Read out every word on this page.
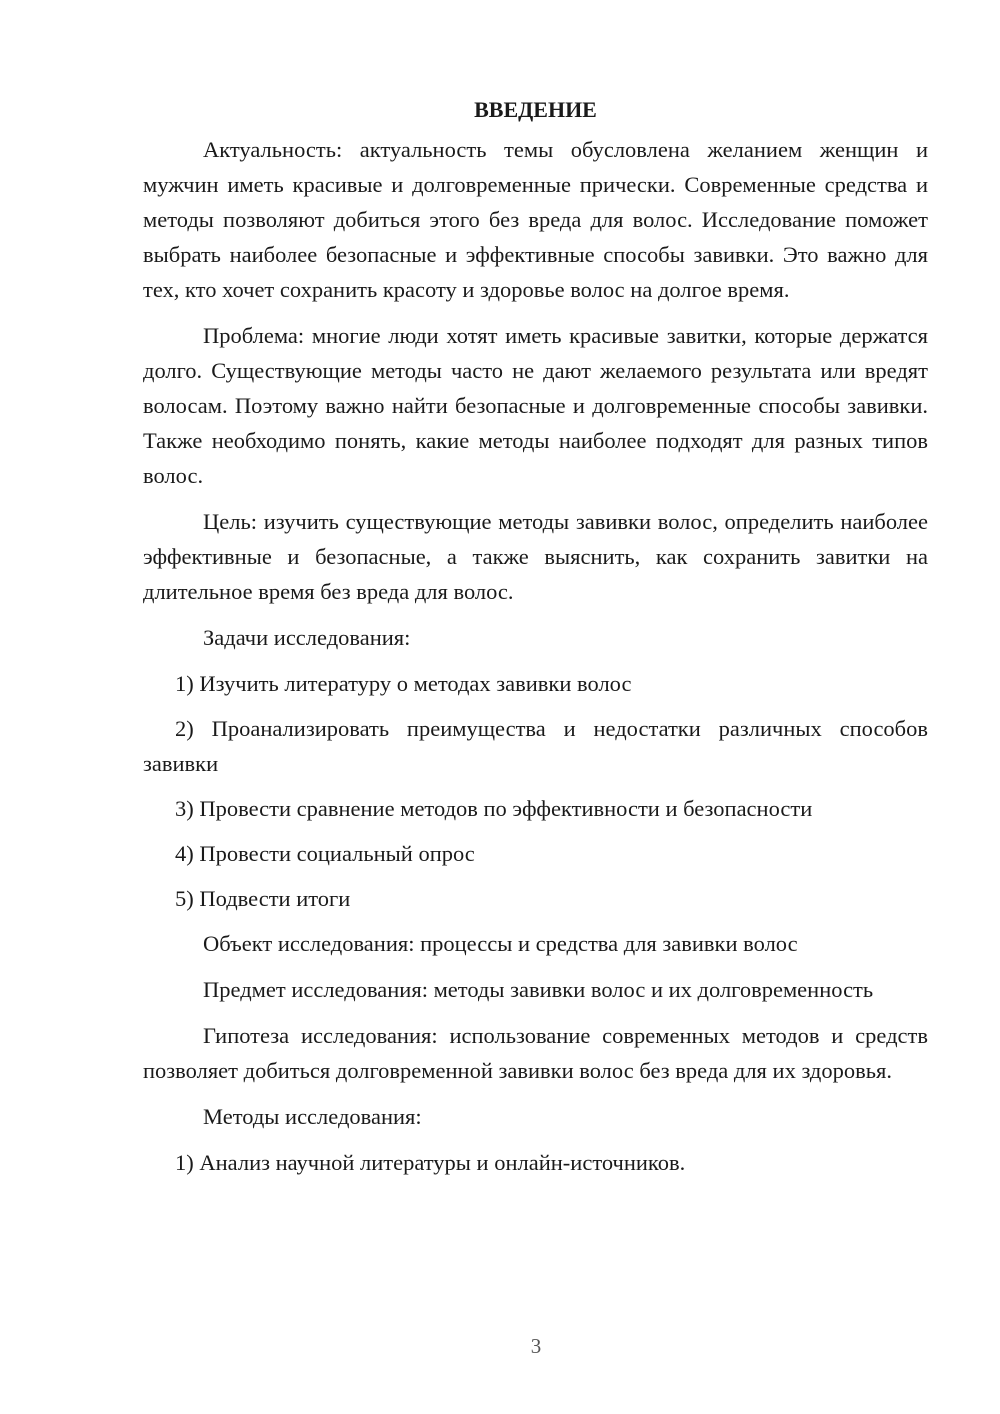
ВВЕДЕНИЕ

Актуальность: актуальность темы обусловлена желанием женщин и мужчин иметь красивые и долговременные прически. Современные средства и методы позволяют добиться этого без вреда для волос. Исследование поможет выбрать наиболее безопасные и эффективные способы завивки. Это важно для тех, кто хочет сохранить красоту и здоровье волос на долгое время.

Проблема: многие люди хотят иметь красивые завитки, которые держатся долго. Существующие методы часто не дают желаемого результата или вредят волосам. Поэтому важно найти безопасные и долговременные способы завивки. Также необходимо понять, какие методы наиболее подходят для разных типов волос.

Цель: изучить существующие методы завивки волос, определить наиболее эффективные и безопасные, а также выяснить, как сохранить завитки на длительное время без вреда для волос.

Задачи исследования:

1) Изучить литературу о методах завивки волос

2) Проанализировать преимущества и недостатки различных способов завивки

3) Провести сравнение методов по эффективности и безопасности

4) Провести социальный опрос

5) Подвести итоги

Объект исследования: процессы и средства для завивки волос

Предмет исследования: методы завивки волос и их долговременность

Гипотеза исследования: использование современных методов и средств позволяет добиться долговременной завивки волос без вреда для их здоровья.

Методы исследования:

1) Анализ научной литературы и онлайн-источников.

3
